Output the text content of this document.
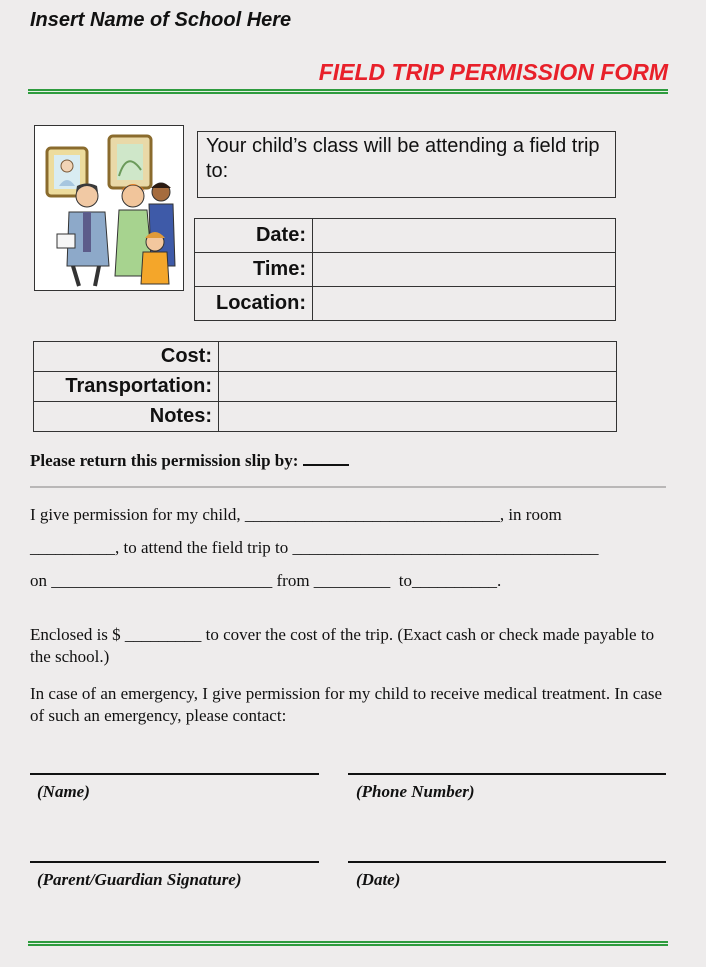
Insert Name of School Here
FIELD TRIP PERMISSION FORM
Your child’s class will be attending a field trip to:
Date:	
Time:	
Location:	
Cost:	
Transportation:	
Notes:	
Please return this permission slip by:
I give permission for my child, ______________________________, in room
__________, to attend the field trip to ____________________________________
on __________________________ from _________  to__________.
Enclosed is $ _________ to cover the cost of the trip. (Exact cash or check made payable to the school.)
In case of an emergency, I give permission for my child to receive medical treatment. In case of such an emergency, please contact:
(Name)	(Phone Number)
(Parent/Guardian Signature)	(Date)
